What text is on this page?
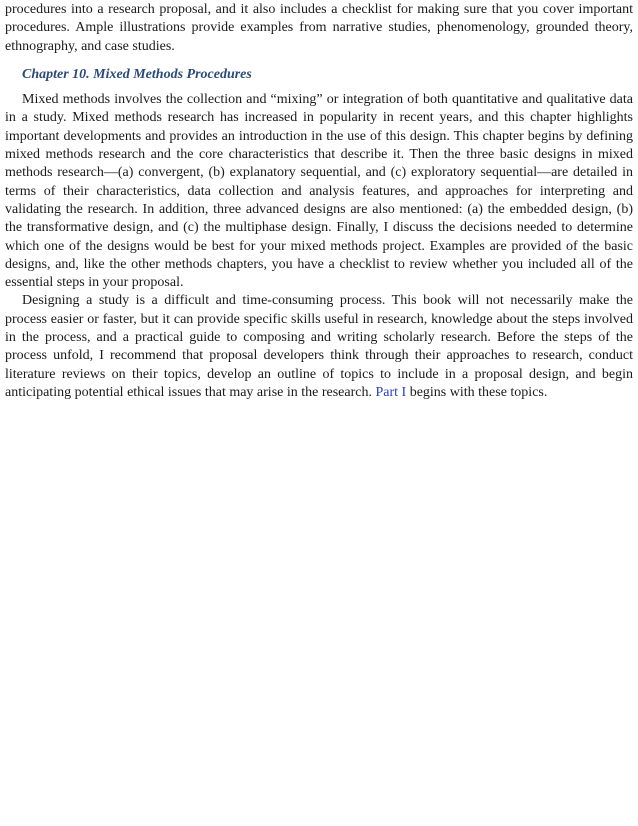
procedures into a research proposal, and it also includes a checklist for making sure that you cover important procedures. Ample illustrations provide examples from narrative studies, phenomenology, grounded theory, ethnography, and case studies.

Chapter 10. Mixed Methods Procedures

Mixed methods involves the collection and “mixing” or integration of both quantitative and qualitative data in a study. Mixed methods research has increased in popularity in recent years, and this chapter highlights important developments and provides an introduction in the use of this design. This chapter begins by defining mixed methods research and the core characteristics that describe it. Then the three basic designs in mixed methods research—(a) convergent, (b) explanatory sequential, and (c) exploratory sequential—are detailed in terms of their characteristics, data collection and analysis features, and approaches for interpreting and validating the research. In addition, three advanced designs are also mentioned: (a) the embedded design, (b) the transformative design, and (c) the multiphase design. Finally, I discuss the decisions needed to determine which one of the designs would be best for your mixed methods project. Examples are provided of the basic designs, and, like the other methods chapters, you have a checklist to review whether you included all of the essential steps in your proposal.

Designing a study is a difficult and time-consuming process. This book will not necessarily make the process easier or faster, but it can provide specific skills useful in research, knowledge about the steps involved in the process, and a practical guide to composing and writing scholarly research. Before the steps of the process unfold, I recommend that proposal developers think through their approaches to research, conduct literature reviews on their topics, develop an outline of topics to include in a proposal design, and begin anticipating potential ethical issues that may arise in the research. Part I begins with these topics.
